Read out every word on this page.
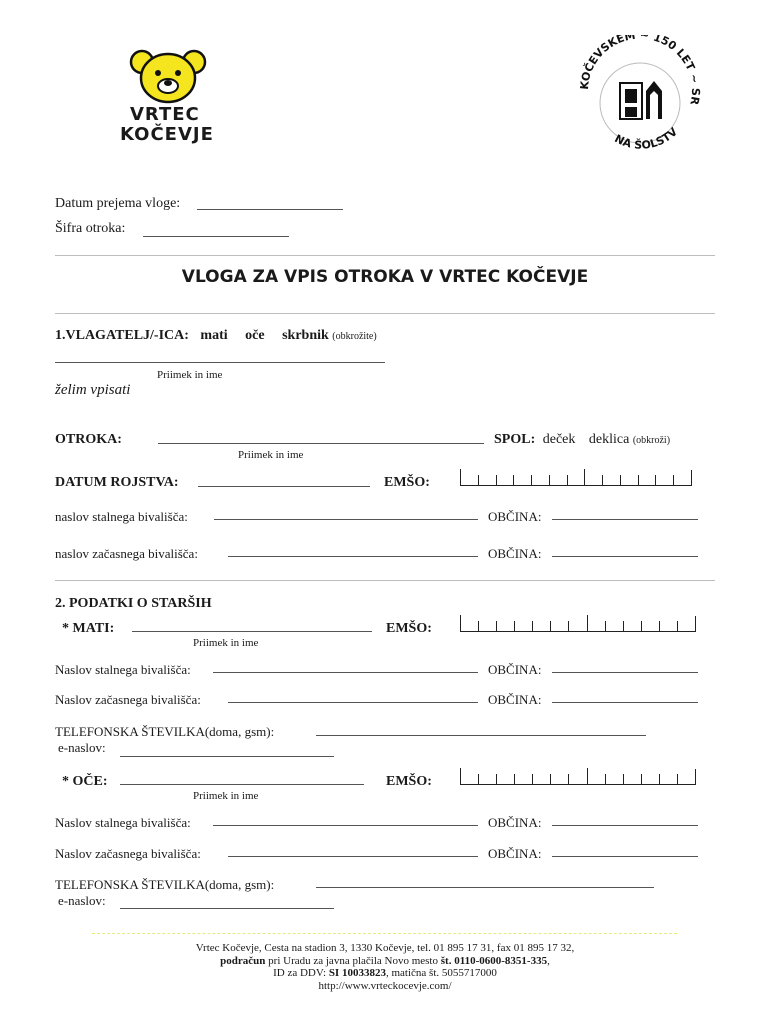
VRTEC
KOČEVJE
KOČEVSKEM ~ 150 LET ~ SR
NA ŠOLSTV
Datum prejema vloge:
Šifra otroka:
VLOGA ZA VPIS OTROKA V VRTEC KOČEVJE
1.VLAGATELJ/-ICA: mati oče skrbnik (obkrožite)
Priimek in ime
želim vpisati
OTROKA:
Priimek in ime
SPOL: deček deklica (obkroži)
DATUM ROJSTVA:	EMŠO:
naslov stalnega bivališča:	OBČINA:
naslov začasnega bivališča:	OBČINA:
2. PODATKI O STARŠIH
* MATI:
Priimek in ime
EMŠO:
Naslov stalnega bivališča:	OBČINA:
Naslov začasnega bivališča:	OBČINA:
TELEFONSKA ŠTEVILKA(doma, gsm):
e-naslov:
* OČE:
Priimek in ime
EMŠO:
Naslov stalnega bivališča:	OBČINA:
Naslov začasnega bivališča:	OBČINA:
TELEFONSKA ŠTEVILKA(doma, gsm):
e-naslov:
Vrtec Kočevje, Cesta na stadion 3, 1330 Kočevje, tel. 01 895 17 31, fax 01 895 17 32,
podračun pri Uradu za javna plačila Novo mesto št. 0110-0600-8351-335,
ID za DDV: SI 10033823, matična št. 5055717000
http://www.vrteckocevje.com/
